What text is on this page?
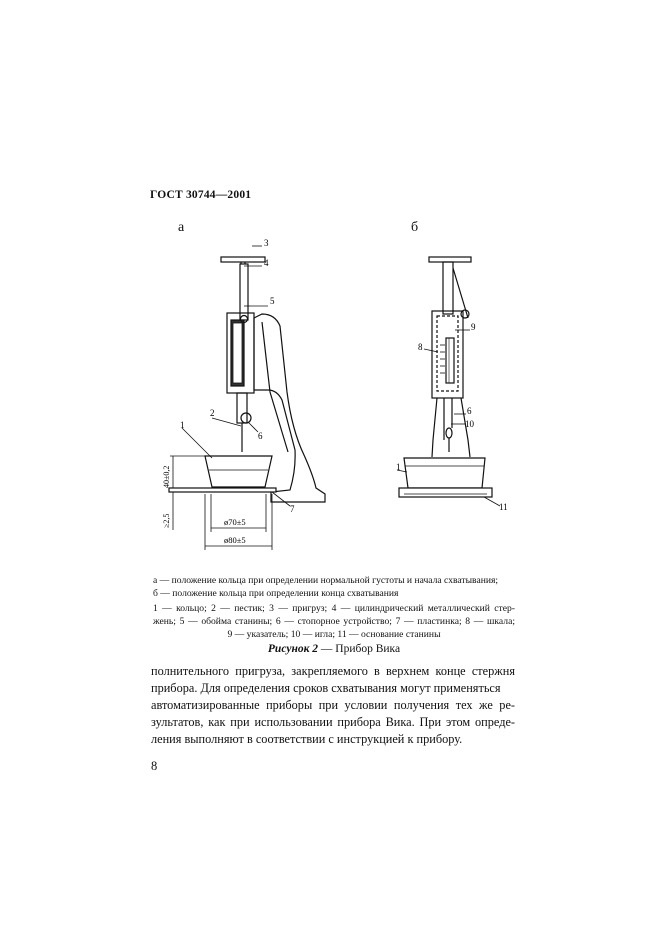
ГОСТ 30744—2001
а	б
1
2
3
4
5
6
7
1
6
8
9
10
11
40±0,2
≥2,5	ø70±5
ø80±5
а — положение кольца при определении нормальной густоты и начала схватывания;
б — положение кольца при определении конца схватывания
1 — кольцо; 2 — пестик; 3 — пригруз; 4 — цилиндрический металлический стер-
жень; 5 — обойма станины; 6 — стопорное устройство; 7 — пластинка; 8 — шкала;
9 — указатель; 10 — игла; 11 — основание станины
Рисунок 2 — Прибор Вика
полнительного пригруза, закрепляемого в верхнем конце стержня
прибора. Для определения сроков схватывания могут применяться
автоматизированные приборы при условии получения тех же ре-
зультатов, как при использовании прибора Вика. При этом опреде-
ления выполняют в соответствии с инструкцией к прибору.
8
